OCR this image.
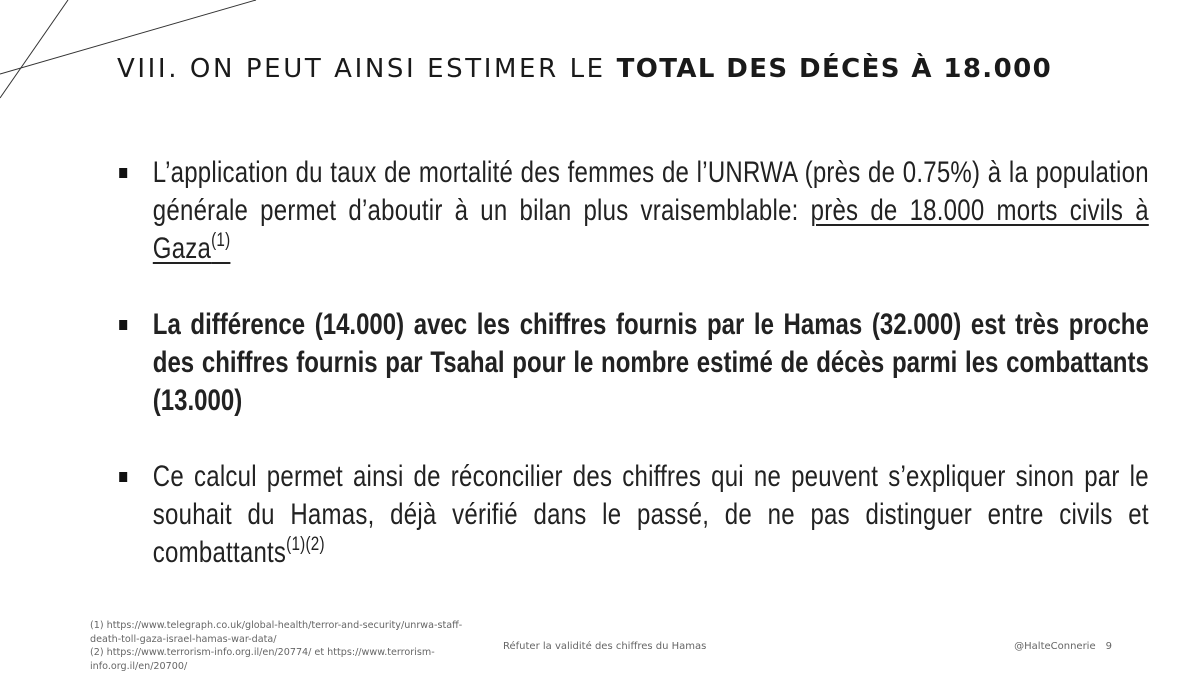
VIII. ON PEUT AINSI ESTIMER LE TOTAL DES DÉCÈS À 18.000
L’application du taux de mortalité des femmes de l’UNRWA (près de 0.75%) à la population générale permet d’aboutir à un bilan plus vraisemblable: près de 18.000 morts civils à Gaza$^{(1)}$
La différence (14.000) avec les chiffres fournis par le Hamas (32.000) est très proche des chiffres fournis par Tsahal pour le nombre estimé de décès parmi les combattants (13.000)
Ce calcul permet ainsi de réconcilier des chiffres qui ne peuvent s’expliquer sinon par le souhait du Hamas, déjà vérifié dans le passé, de ne pas distinguer entre civils et combattants$^{(1)(2)}$
(1) https://www.telegraph.co.uk/global-health/terror-and-security/unrwa-staff-death-toll-gaza-israel-hamas-war-data/
(2) https://www.terrorism-info.org.il/en/20774/ et https://www.terrorism-info.org.il/en/20700/
Réfuter la validité des chiffres du Hamas	@HalteConnerie 9
